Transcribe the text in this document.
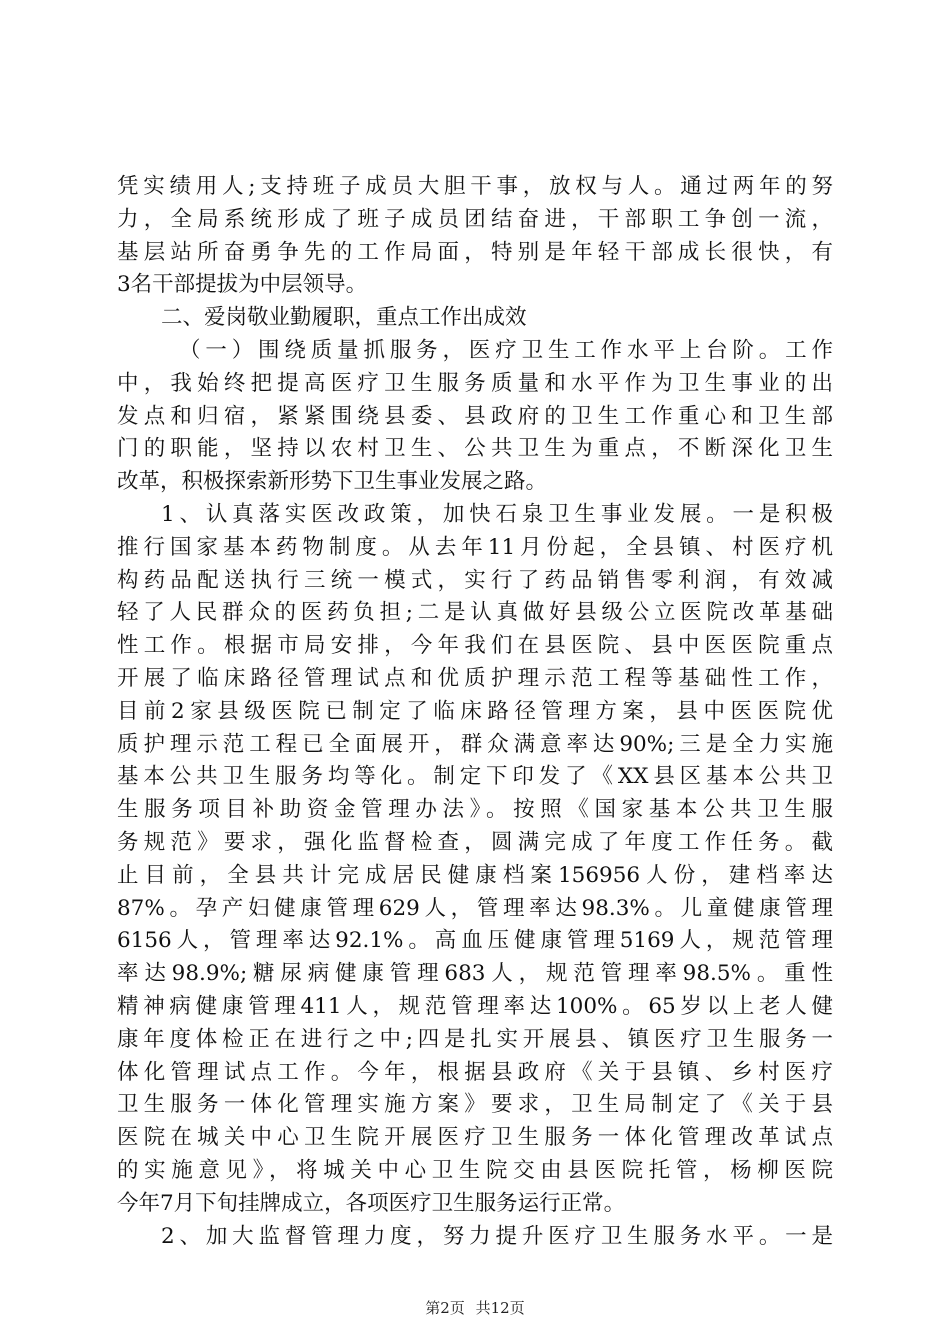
凭实绩用人;支持班子成员大胆干事，放权与人。通过两年的努
力，全局系统形成了班子成员团结奋进，干部职工争创一流，
基层站所奋勇争先的工作局面，特别是年轻干部成长很快，有
3名干部提拔为中层领导。
二、爱岗敬业勤履职，重点工作出成效
（一）围绕质量抓服务，医疗卫生工作水平上台阶。工作
中，我始终把提高医疗卫生服务质量和水平作为卫生事业的出
发点和归宿，紧紧围绕县委、县政府的卫生工作重心和卫生部
门的职能，坚持以农村卫生、公共卫生为重点，不断深化卫生
改革，积极探索新形势下卫生事业发展之路。
1、认真落实医改政策，加快石泉卫生事业发展。一是积极
推行国家基本药物制度。从去年11月份起，全县镇、村医疗机
构药品配送执行三统一模式，实行了药品销售零利润，有效减
轻了人民群众的医药负担;二是认真做好县级公立医院改革基础
性工作。根据市局安排，今年我们在县医院、县中医医院重点
开展了临床路径管理试点和优质护理示范工程等基础性工作，
目前2家县级医院已制定了临床路径管理方案，县中医医院优
质护理示范工程已全面展开，群众满意率达90%;三是全力实施
基本公共卫生服务均等化。制定下印发了《XX县区基本公共卫
生服务项目补助资金管理办法》。按照《国家基本公共卫生服
务规范》要求，强化监督检查，圆满完成了年度工作任务。截
止目前，全县共计完成居民健康档案156956人份，建档率达
87%。孕产妇健康管理629人，管理率达98.3%。儿童健康管理
6156人，管理率达92.1%。高血压健康管理5169人，规范管理
率达98.9%;糖尿病健康管理683人，规范管理率98.5%。重性
精神病健康管理411人，规范管理率达100%。65岁以上老人健
康年度体检正在进行之中;四是扎实开展县、镇医疗卫生服务一
体化管理试点工作。今年，根据县政府《关于县镇、乡村医疗
卫生服务一体化管理实施方案》要求，卫生局制定了《关于县
医院在城关中心卫生院开展医疗卫生服务一体化管理改革试点
的实施意见》，将城关中心卫生院交由县医院托管，杨柳医院
今年7月下旬挂牌成立，各项医疗卫生服务运行正常。
2、加大监督管理力度，努力提升医疗卫生服务水平。一是
第2页 共12页
